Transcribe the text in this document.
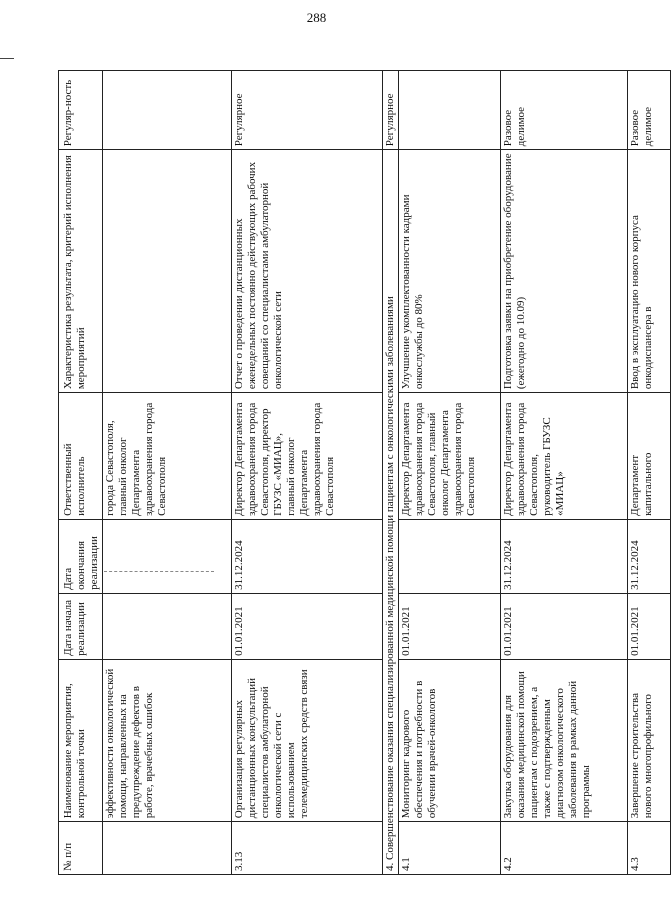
288
№ п/п	Наименование мероприятия, контрольной точки	Дата начала реализации	Дата окончания реализации	Ответственный исполнитель	Характеристика результата, критерий исполнения мероприятий	Регуляр-ность
	эффективности онкологической помощи, направленных на предупреждение дефектов в работе, врачебных ошибок			города Севастополя, главный онколог Департамента здравоохранения города Севастополя		
3.13	Организация регулярных дистанционных консультаций специалистов амбулаторной онкологической сети с использованием телемедицинских средств связи	01.01.2021	31.12.2024	Директор Департамента здравоохранения города Севастополя, директор ГБУЗС «МИАЦ», главный онколог Департамента здравоохранения города Севастополя	Отчет о проведении дистанционных еженедельных постоянно действующих рабочих совещаний со специалистами амбулаторной онкологической сети	Регулярное
4. Совершенствование оказания специализированной медицинской помощи пациентам с онкологическими заболеваниями						Регулярное
4.1	Мониторинг кадрового обеспечения и потребности в обучении врачей-онкологов	01.01.2021		Директор Департамента здравоохранения города Севастополя, главный онколог Департамента здравоохранения города Севастополя	Улучшение укомплектованности кадрами онкослужбы до 80%	
4.2	Закупка оборудования для оказания медицинской помощи пациентам с подозрением, а также с подтвержденным диагнозом онкологического заболевания в рамках данной программы	01.01.2021	31.12.2024	Директор Департамента здравоохранения города Севастополя, руководитель ГБУЗС «МИАЦ»	Подготовка заявки на приобретение оборудование (ежегодно до 10.09)	Разовое делимое
4.3	Завершение строительства нового многопрофильного	01.01.2021	31.12.2024	Департамент капитального	Ввод в эксплуатацию нового корпуса онкодиспансера в	Разовое делимое
